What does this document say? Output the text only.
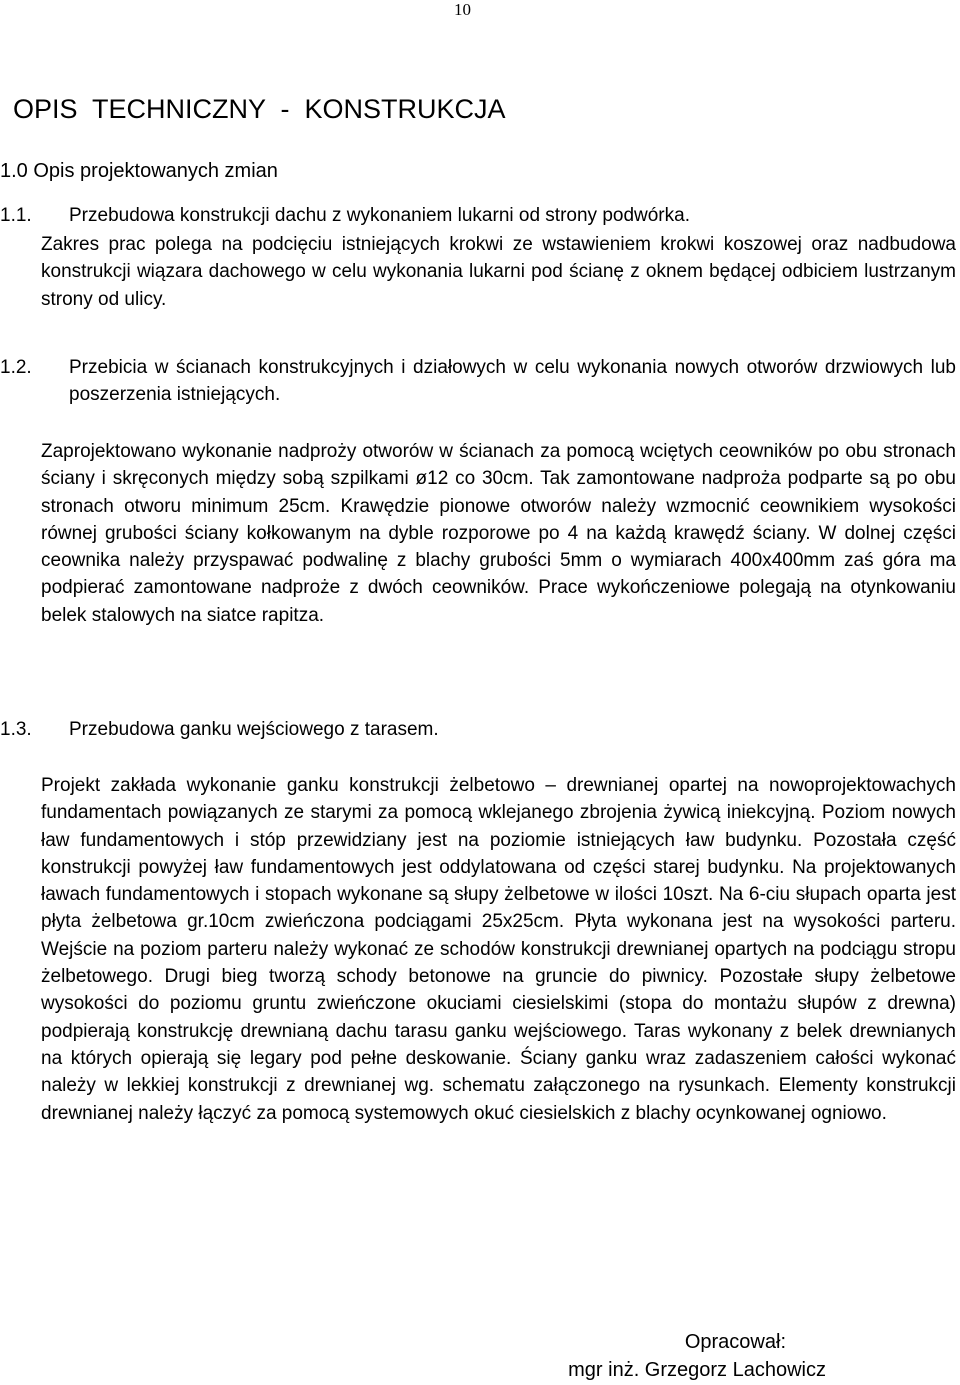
10
OPIS  TECHNICZNY  -  KONSTRUKCJA
1.0 Opis projektowanych zmian
1.1. Przebudowa konstrukcji dachu z wykonaniem lukarni od strony podwórka.

Zakres prac polega na podcięciu istniejących krokwi ze wstawieniem krokwi koszowej oraz nadbudowa konstrukcji wiązara dachowego w celu wykonania lukarni pod ścianę z oknem będącej odbiciem lustrzanym strony od ulicy.

1.2. Przebicia w ścianach konstrukcyjnych i działowych w celu wykonania nowych otworów drzwiowych lub poszerzenia istniejących.

Zaprojektowano wykonanie nadproży otworów w ścianach za pomocą wciętych ceowników po obu stronach ściany i skręconych między sobą szpilkami ø12 co 30cm. Tak zamontowane nadproża podparte są po obu stronach otworu minimum 25cm. Krawędzie pionowe otworów należy wzmocnić ceownikiem wysokości równej grubości ściany kołkowanym na dyble rozporowe po 4 na każdą krawędź ściany. W dolnej części ceownika należy przyspawać podwalinę z blachy grubości 5mm o wymiarach 400x400mm zaś góra ma podpierać zamontowane nadproże z dwóch ceowników. Prace wykończeniowe polegają na otynkowaniu belek stalowych na siatce rapitza.

1.3. Przebudowa ganku wejściowego z tarasem.

Projekt zakłada wykonanie ganku konstrukcji żelbetowo – drewnianej opartej na nowoprojektowachych fundamentach powiązanych ze starymi za pomocą wklejanego zbrojenia żywicą iniekcyjną. Poziom nowych ław fundamentowych i stóp przewidziany jest na poziomie istniejących ław budynku. Pozostała część konstrukcji powyżej ław fundamentowych jest oddylatowana od części starej budynku. Na projektowanych ławach fundamentowych i stopach wykonane są słupy żelbetowe w ilości 10szt. Na 6-ciu słupach oparta jest płyta żelbetowa gr.10cm zwieńczona podciągami 25x25cm. Płyta wykonana jest na wysokości parteru. Wejście na poziom parteru należy wykonać ze schodów konstrukcji drewnianej opartych na podciągu stropu żelbetowego. Drugi bieg tworzą schody betonowe na gruncie do piwnicy. Pozostałe słupy żelbetowe wysokości do poziomu gruntu zwieńczone okuciami ciesielskimi (stopa do montażu słupów z drewna) podpierają konstrukcję drewnianą dachu tarasu ganku wejściowego. Taras wykonany z belek drewnianych na których opierają się legary pod pełne deskowanie. Ściany ganku wraz zadaszeniem całości wykonać należy w lekkiej konstrukcji z drewnianej wg. schematu załączonego na rysunkach. Elementy konstrukcji drewnianej należy łączyć za pomocą systemowych okuć ciesielskich z blachy ocynkowanej ogniowo.

Opracował:
mgr inż. Grzegorz Lachowicz
